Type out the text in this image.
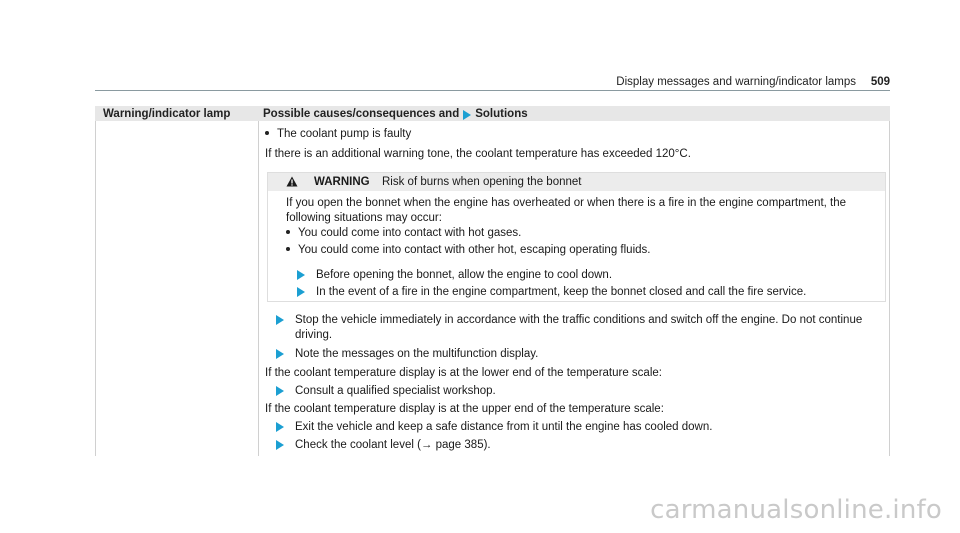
Display messages and warning/indicator lamps 509
Warning/indicator lamp	Possible causes/consequences and Solutions
The coolant pump is faulty
If there is an additional warning tone, the coolant temperature has exceeded 120°C.
WARNING Risk of burns when opening the bonnet
If you open the bonnet when the engine has overheated or when there is a fire in the engine compartment, the following situations may occur:
You could come into contact with hot gases.
You could come into contact with other hot, escaping operating fluids.
Before opening the bonnet, allow the engine to cool down.
In the event of a fire in the engine compartment, keep the bonnet closed and call the fire service.
Stop the vehicle immediately in accordance with the traffic conditions and switch off the engine. Do not continue driving.
Note the messages on the multifunction display.
If the coolant temperature display is at the lower end of the temperature scale:
Consult a qualified specialist workshop.
If the coolant temperature display is at the upper end of the temperature scale:
Exit the vehicle and keep a safe distance from it until the engine has cooled down.
Check the coolant level (→ page 385).
carmanualsonline.info
